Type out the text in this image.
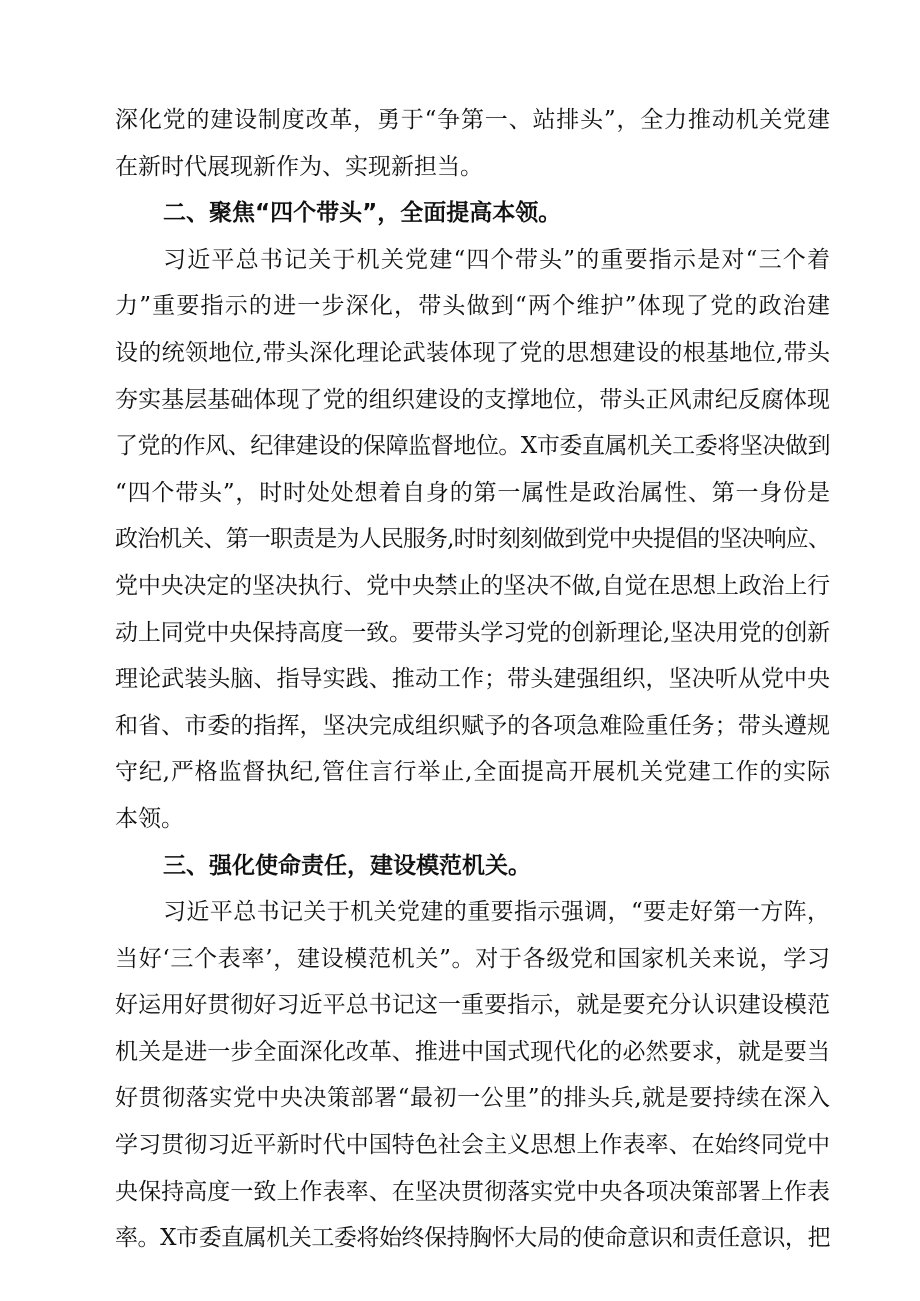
深化党的建设制度改革，勇于“争第一、站排头”，全力推动机关党建
在新时代展现新作为、实现新担当。
二、聚焦“四个带头”，全面提高本领。
习近平总书记关于机关党建“四个带头”的重要指示是对“三个着
力”重要指示的进一步深化，带头做到“两个维护”体现了党的政治建
设的统领地位,带头深化理论武装体现了党的思想建设的根基地位,带头
夯实基层基础体现了党的组织建设的支撑地位，带头正风肃纪反腐体现
了党的作风、纪律建设的保障监督地位。X市委直属机关工委将坚决做到
“四个带头”，时时处处想着自身的第一属性是政治属性、第一身份是
政治机关、第一职责是为人民服务,时时刻刻做到党中央提倡的坚决响应、
党中央决定的坚决执行、党中央禁止的坚决不做,自觉在思想上政治上行
动上同党中央保持高度一致。要带头学习党的创新理论,坚决用党的创新
理论武装头脑、指导实践、推动工作；带头建强组织，坚决听从党中央
和省、市委的指挥，坚决完成组织赋予的各项急难险重任务；带头遵规
守纪,严格监督执纪,管住言行举止,全面提高开展机关党建工作的实际
本领。
三、强化使命责任，建设模范机关。
习近平总书记关于机关党建的重要指示强调，“要走好第一方阵，
当好‘三个表率’，建设模范机关”。对于各级党和国家机关来说，学习
好运用好贯彻好习近平总书记这一重要指示，就是要充分认识建设模范
机关是进一步全面深化改革、推进中国式现代化的必然要求，就是要当
好贯彻落实党中央决策部署“最初一公里”的排头兵,就是要持续在深入
学习贯彻习近平新时代中国特色社会主义思想上作表率、在始终同党中
央保持高度一致上作表率、在坚决贯彻落实党中央各项决策部署上作表
率。X市委直属机关工委将始终保持胸怀大局的使命意识和责任意识，把
